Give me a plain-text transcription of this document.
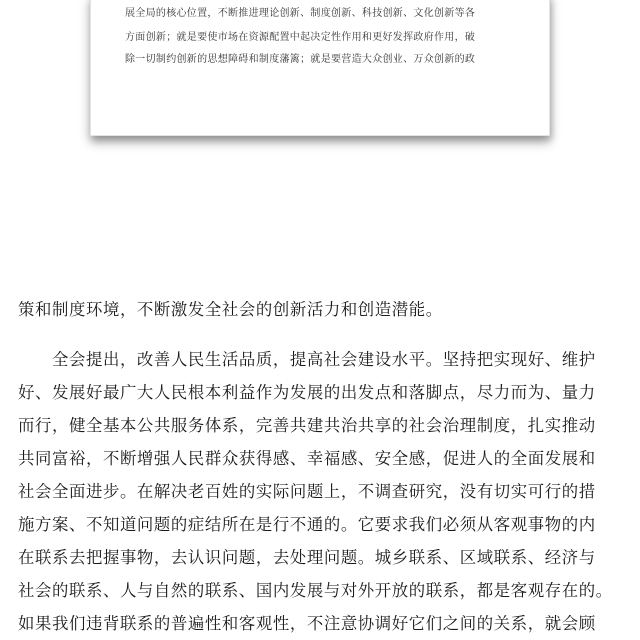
展全局的核心位置，不断推进理论创新、制度创新、科技创新、文化创新等各
方面创新；就是要使市场在资源配置中起决定性作用和更好发挥政府作用，破
除一切制约创新的思想障碍和制度藩篱；就是要营造大众创业、万众创新的政
策和制度环境，不断激发全社会的创新活力和创造潜能。
　　全会提出，改善人民生活品质，提高社会建设水平。坚持把实现好、维护
好、发展好最广大人民根本利益作为发展的出发点和落脚点，尽力而为、量力
而行，健全基本公共服务体系，完善共建共治共享的社会治理制度，扎实推动
共同富裕，不断增强人民群众获得感、幸福感、安全感，促进人的全面发展和
社会全面进步。在解决老百姓的实际问题上，不调查研究，没有切实可行的措
施方案、不知道问题的症结所在是行不通的。它要求我们必须从客观事物的内
在联系去把握事物，去认识问题，去处理问题。城乡联系、区域联系、经济与
社会的联系、人与自然的联系、国内发展与对外开放的联系，都是客观存在的。
如果我们违背联系的普遍性和客观性，不注意协调好它们之间的关系，就会顾
